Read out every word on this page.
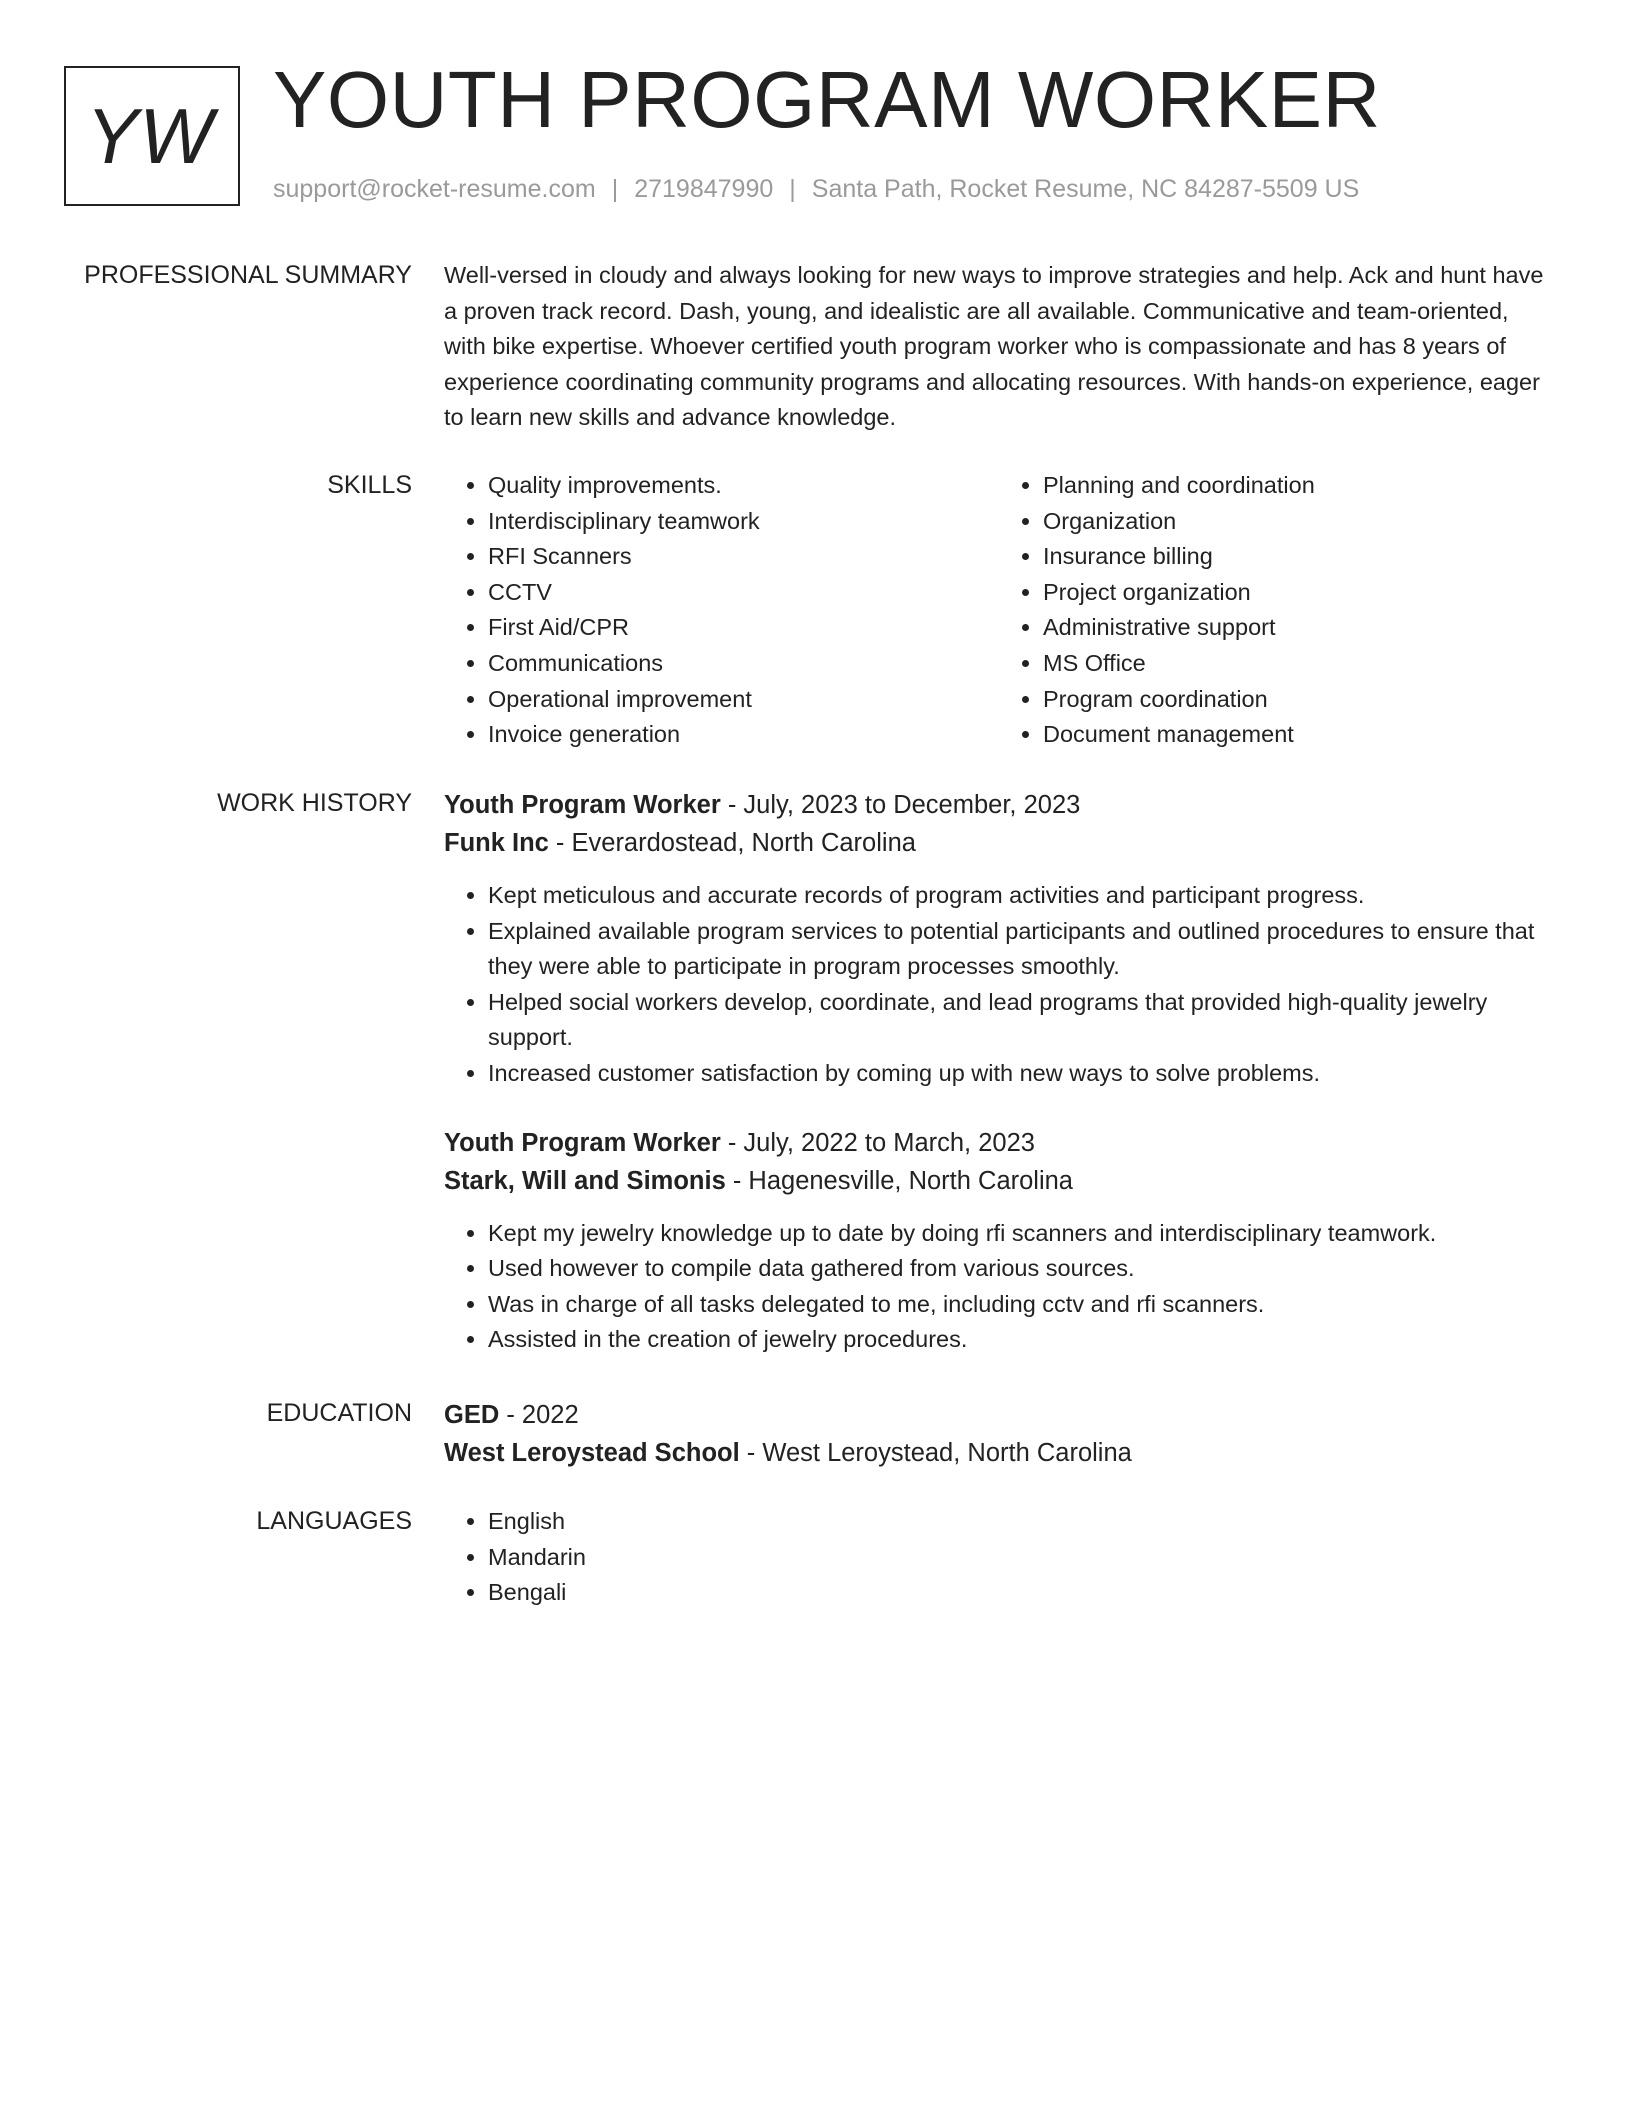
YW YOUTH PROGRAM WORKER
support@rocket-resume.com | 2719847990 | Santa Path, Rocket Resume, NC 84287-5509 US
PROFESSIONAL SUMMARY Well-versed in cloudy and always looking for new ways to improve strategies and help. Ack and hunt have a proven track record. Dash, young, and idealistic are all available. Communicative and team-oriented, with bike expertise. Whoever certified youth program worker who is compassionate and has 8 years of experience coordinating community programs and allocating resources. With hands-on experience, eager to learn new skills and advance knowledge.

SKILLS	• Quality improvements.
• Interdisciplinary teamwork
• RFI Scanners
• CCTV
• First Aid/CPR
• Communications
• Operational improvement
• Invoice generation
• Planning and coordination
• Organization
• Insurance billing
• Project organization
• Administrative support
• MS Office
• Program coordination
• Document management
WORK HISTORY Youth Program Worker - July, 2023 to December, 2023
Funk Inc - Everardostead, North Carolina
• Kept meticulous and accurate records of program activities and participant progress.
• Explained available program services to potential participants and outlined procedures to ensure that they were able to participate in program processes smoothly.
• Helped social workers develop, coordinate, and lead programs that provided high-quality jewelry support.
• Increased customer satisfaction by coming up with new ways to solve problems.
Youth Program Worker - July, 2022 to March, 2023
Stark, Will and Simonis - Hagenesville, North Carolina
• Kept my jewelry knowledge up to date by doing rfi scanners and interdisciplinary teamwork.
• Used however to compile data gathered from various sources.
• Was in charge of all tasks delegated to me, including cctv and rfi scanners.
• Assisted in the creation of jewelry procedures.
EDUCATION GED - 2022
West Leroystead School - West Leroystead, North Carolina
LANGUAGES	• English
• Mandarin
• Bengali
